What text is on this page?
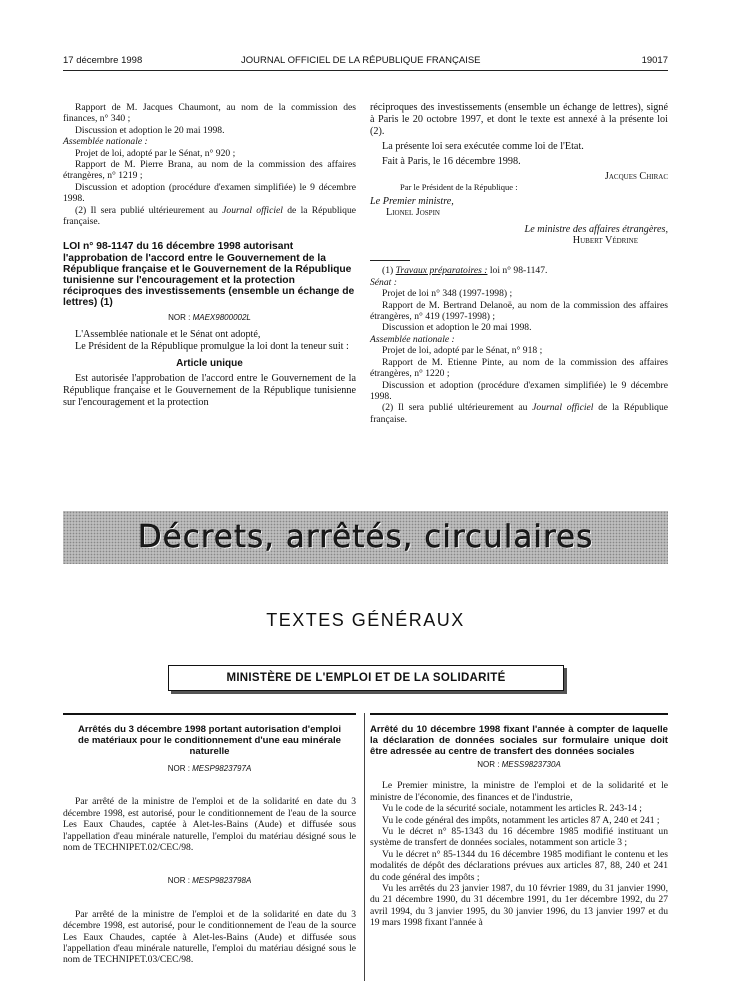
17 décembre 1998	JOURNAL OFFICIEL DE LA RÉPUBLIQUE FRANÇAISE	19017

Rapport de M. Jacques Chaumont, au nom de la commission des finances, n° 340 ;

Discussion et adoption le 20 mai 1998.

Assemblée nationale :

Projet de loi, adopté par le Sénat, n° 920 ;

Rapport de M. Pierre Brana, au nom de la commission des affaires étrangères, n° 1219 ;

Discussion et adoption (procédure d'examen simplifiée) le 9 décembre 1998.

(2) Il sera publié ultérieurement au Journal officiel de la République française.

LOI n° 98-1147 du 16 décembre 1998 autorisant l'approbation de l'accord entre le Gouvernement de la République française et le Gouvernement de la République tunisienne sur l'encouragement et la protection réciproques des investissements (ensemble un échange de lettres) (1)

NOR : MAEX9800002L

L'Assemblée nationale et le Sénat ont adopté,

Le Président de la République promulgue la loi dont la teneur suit :

Article unique

Est autorisée l'approbation de l'accord entre le Gouvernement de la République française et le Gouvernement de la République tunisienne sur l'encouragement et la protection

réciproques des investissements (ensemble un échange de lettres), signé à Paris le 20 octobre 1997, et dont le texte est annexé à la présente loi (2).

La présente loi sera exécutée comme loi de l'Etat.

Fait à Paris, le 16 décembre 1998.

Jacques Chirac

Par le Président de la République :

Le Premier ministre,

Lionel Jospin

Le ministre des affaires étrangères,

Hubert Védrine

(1) Travaux préparatoires : loi n° 98-1147.

Sénat :

Projet de loi n° 348 (1997-1998) ;

Rapport de M. Bertrand Delanoë, au nom de la commission des affaires étrangères, n° 419 (1997-1998) ;

Discussion et adoption le 20 mai 1998.

Assemblée nationale :

Projet de loi, adopté par le Sénat, n° 918 ;

Rapport de M. Etienne Pinte, au nom de la commission des affaires étrangères, n° 1220 ;

Discussion et adoption (procédure d'examen simplifiée) le 9 décembre 1998.

(2) Il sera publié ultérieurement au Journal officiel de la République française.

Décrets, arrêtés, circulaires
TEXTES GÉNÉRAUX
MINISTÈRE DE L'EMPLOI ET DE LA SOLIDARITÉ

Arrêtés du 3 décembre 1998 portant autorisation d'emploi de matériaux pour le conditionnement d'une eau minérale naturelle

NOR : MESP9823797A

Par arrêté de la ministre de l'emploi et de la solidarité en date du 3 décembre 1998, est autorisé, pour le conditionnement de l'eau de la source Les Eaux Chaudes, captée à Alet-les-Bains (Aude) et diffusée sous l'appellation d'eau minérale naturelle, l'emploi du matériau désigné sous le nom de TECHNIPET.02/CEC/98.

NOR : MESP9823798A

Par arrêté de la ministre de l'emploi et de la solidarité en date du 3 décembre 1998, est autorisé, pour le conditionnement de l'eau de la source Les Eaux Chaudes, captée à Alet-les-Bains (Aude) et diffusée sous l'appellation d'eau minérale naturelle, l'emploi du matériau désigné sous le nom de TECHNIPET.03/CEC/98.

Arrêté du 10 décembre 1998 fixant l'année à compter de laquelle la déclaration de données sociales sur formulaire unique doit être adressée au centre de transfert des données sociales

NOR : MESS9823730A

Le Premier ministre, la ministre de l'emploi et de la solidarité et le ministre de l'économie, des finances et de l'industrie,

Vu le code de la sécurité sociale, notamment les articles R. 243-14 ;

Vu le code général des impôts, notamment les articles 87 A, 240 et 241 ;

Vu le décret n° 85-1343 du 16 décembre 1985 modifié instituant un système de transfert de données sociales, notamment son article 3 ;

Vu le décret n° 85-1344 du 16 décembre 1985 modifiant le contenu et les modalités de dépôt des déclarations prévues aux articles 87, 88, 240 et 241 du code général des impôts ;

Vu les arrêtés du 23 janvier 1987, du 10 février 1989, du 31 janvier 1990, du 21 décembre 1990, du 31 décembre 1991, du 1er décembre 1992, du 27 avril 1994, du 3 janvier 1995, du 30 janvier 1996, du 13 janvier 1997 et du 19 mars 1998 fixant l'année à
